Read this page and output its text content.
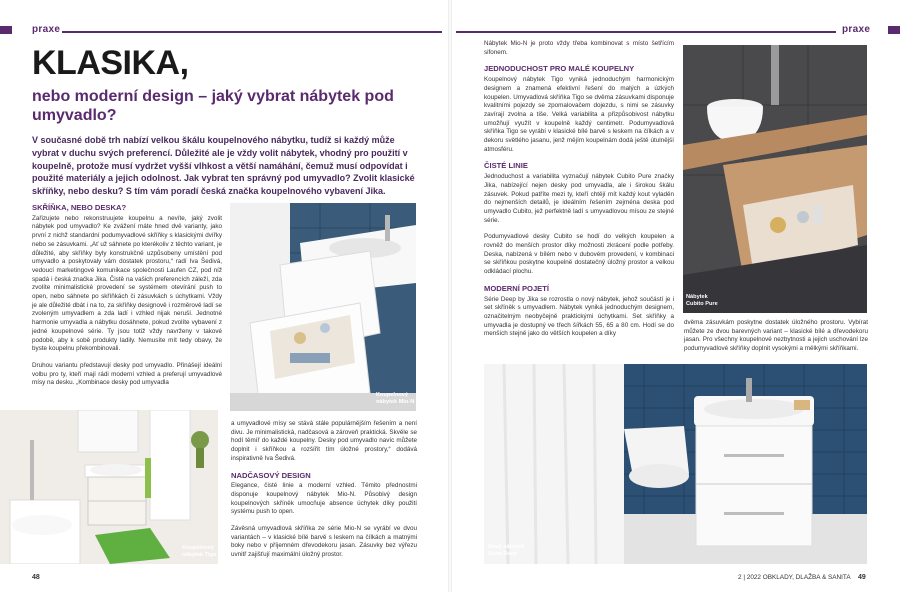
praxe	praxe
KLASIKA,
nebo moderní design – jaký vybrat nábytek pod umyvadlo?
V současné době trh nabízí velkou škálu koupelnového nábytku, tudíž si každý může vybrat v duchu svých preferencí. Důležité ale je vždy volit nábytek, vhodný pro použití v koupelně, protože musí vydržet vyšší vlhkost a větší namáhání, čemuž musí odpovídat i použité materiály a jejich odolnost. Jak vybrat ten správný pod umyvadlo? Zvolit klasické skříňky, nebo desku? S tím vám poradí česká značka koupelnového vybavení Jika.
SKŘÍŇKA, NEBO DESKA?
Zařizujete nebo rekonstruujete koupelnu a nevíte, jaký zvolit nábytek pod umyvadlo? Ke zvážení máte hned dvě varianty, jako první z nichž standardní podumyvadlové skříňky s klasickými dvířky nebo se zásuvkami. „Ať už sáhnete po kterékoliv z těchto variant, je důležité, aby skříňky byly konstrukčně uzpůsobeny umístění pod umyvadlo a poskytovaly vám dostatek prostoru,“ radí Iva Šedivá, vedoucí marketingové komunikace společnosti Laufen CZ, pod níž spadá i česká značka Jika. Čistě na vašich preferencích záleží, zda zvolíte minimalistické provedení se systémem otevírání push to open, nebo sáhnete po skříňkách či zásuvkách s úchytkami. Vždy je ale důležité dbát i na to, za skříňky designově i rozměrově ladí se zvoleným umyvadlem a zda ladí i vzhled nijak neruší. Jednotné harmonie umyvadla a nábytku dosáhnete, pokud zvolíte vybavení z jedné koupelnové série. Ty jsou totiž vždy navrženy v takové podobě, aby k sobě produkty ladily. Nemusíte mít tedy obavy, že byste koupelnu překombinovali.
Druhou variantu představují desky pod umyvadlo. Přinášejí ideální volbu pro ty, kteří mají rádi moderní vzhled a preferují umyvadlové mísy na desku. „Kombinace desky pod umyvadla
Koupelnový nábytek Mio-N
Koupelnový nábytek Tigo
a umyvadlové mísy se stává stále populárnějším řešením a není divu. Je minimalistická, nadčasová a zároveň praktická. Skvěle se hodí těmíř do každé koupelny. Desky pod umyvadlo navíc můžete doplnit i skříňkou a rozšířit tím úložné prostory,“ dodává inspirativně Iva Šedivá.
NADČASOVÝ DESIGN
Elegance, čisté linie a moderní vzhled. Těmito přednostmi disponuje koupelnový nábytek Mio-N. Působivý design koupelnových skříněk umocňuje absence úchytek díky použití systému push to open.
Závěsná umyvadlová skříňka ze série Mio-N se vyrábí ve dvou variantách – v klasické bílé barvě s leskem na čílkách a matnými boky nebo v příjemném dřevodekoru jasan. Zásuvky bez výřezu uvnitř zajišťují maximální úložný prostor.
48
Nábytek Mio-N je proto vždy třeba kombinovat s místo šetřícím sifonem.
JEDNODUCHOST PRO MALÉ KOUPELNY
Koupelnový nábytek Tigo vyniká jednoduchým harmonickým designem a znamená efektivní řešení do malých a úzkých koupelen. Umyvadlová skříňka Tigo se dvěma zásuvkami disponuje kvalitními pojezdy se zpomalovačem dojezdu, s nimi se zásuvky zavírají zvolna a tiše. Velká variabilita a přizpůsobivost nábytku umožňují využít v koupelně každý centimetr. Podumyvadlová skříňka Tigo se vyrábí v klasické bílé barvě s leskem na čílkách a v dekoru světlého jasanu, jenž mějím koupelnám dodá ještě útulnější atmosféru.
ČISTÉ LINIE
Jednoduchost a variabilita vyznačují nábytek Cubito Pure značky Jika, nabízející nejen desky pod umyvadla, ale i širokou škálu zásuvek. Pokud patříte mezi ty, kteří chtějí mít každý kout vyladěn do nejmenších detailů, je ideálním řešením zejména deska pod umyvadlo Cubito, jež perfektně ladí s umyvadlovou mísou ze stejné série.
Podumyvadlové desky Cubito se hodí do velkých koupelen a rovněž do menších prostor díky možnosti zkrácení podle potřeby. Deska, nabízená v bílém nebo v dubovém provedení, v kombinaci se skříňkou poskytne koupelně dostatečný úložný prostor a velkou odkládací plochu.
MODERNÍ POJETÍ
Série Deep by Jika se rozrostla o nový nábytek, jehož součástí je i set skříněk s umyvadlem. Nábytek vyniká jednoduchým designem, označitelným neobyčejně praktickými úchytkami. Set skříňky a umyvadla je dostupný ve třech šířkách 55, 65 a 80 cm. Hodí se do menších stejně jako do větších koupelen a díky
Nábytek Cubito Pure
dvěma zásuvkám poskytne dostatek úložného prostoru. Vybírat můžete ze dvou barevných variant – klasické bílé a dřevodekoru jasan. Pro všechny koupelnové nezbytnosti a jejich uschování lze podumyvadlové skříňky doplnit vysokými a mělkými skříňkami.
Nový nábytek Série Deep
2 | 2022 OBKLADY, DLAŽBA & SANITA 49
